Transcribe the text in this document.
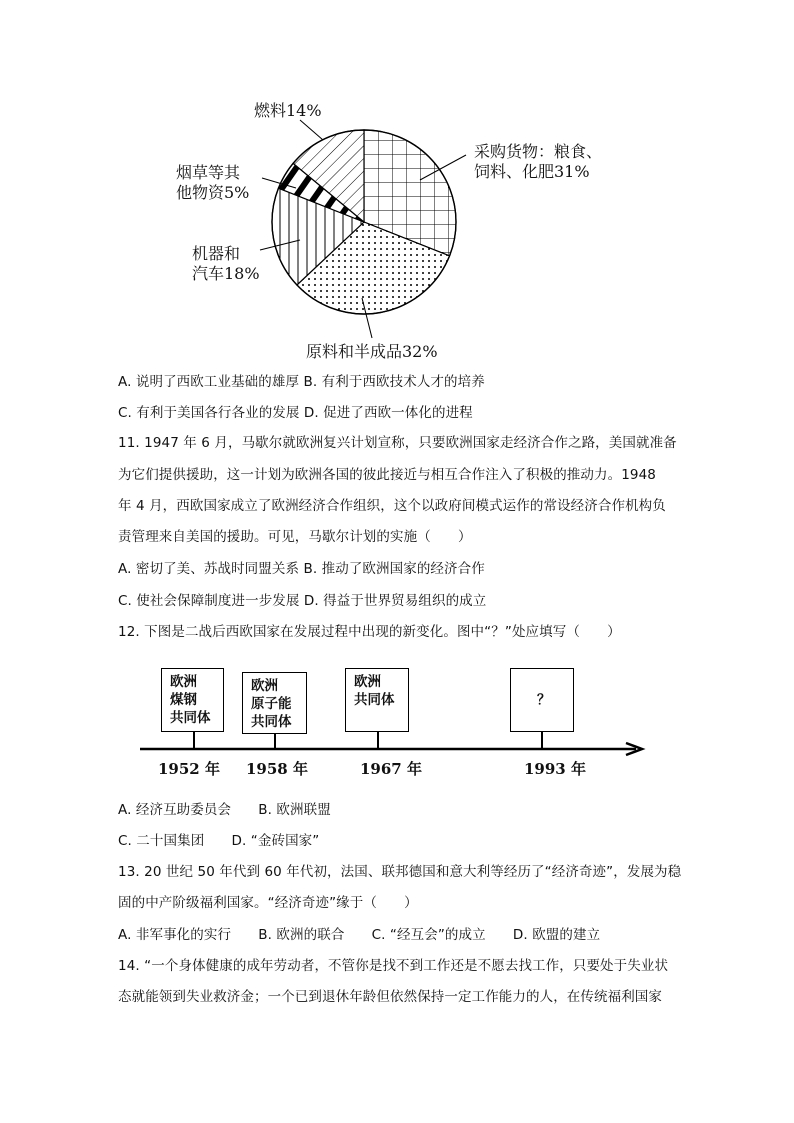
燃料14%
采购货物：粮食、
饲料、化肥31%
烟草等其
他物资5%
机器和
汽车18%
原料和半成品32%
A. 说明了西欧工业基础的雄厚 B. 有利于西欧技术人才的培养
C. 有利于美国各行各业的发展 D. 促进了西欧一体化的进程
11. 1947 年 6 月，马歇尔就欧洲复兴计划宣称，只要欧洲国家走经济合作之路，美国就准备
为它们提供援助，这一计划为欧洲各国的彼此接近与相互合作注入了积极的推动力。1948
年 4 月，西欧国家成立了欧洲经济合作组织，这个以政府间模式运作的常设经济合作机构负
责管理来自美国的援助。可见，马歇尔计划的实施（　　）
A. 密切了美、苏战时同盟关系 B. 推动了欧洲国家的经济合作
C. 使社会保障制度进一步发展 D. 得益于世界贸易组织的成立
12. 下图是二战后西欧国家在发展过程中出现的新变化。图中“？”处应填写（　　）
欧洲
煤钢
共同体
欧洲
原子能
共同体
欧洲
共同体	？
1952 年 1958 年	1967 年	1993 年
A. 经济互助委员会　　B. 欧洲联盟
C. 二十国集团　　D. “金砖国家”
13. 20 世纪 50 年代到 60 年代初，法国、联邦德国和意大利等经历了“经济奇迹”，发展为稳
固的中产阶级福利国家。“经济奇迹”缘于（　　）
A. 非军事化的实行　　B. 欧洲的联合　　C. “经互会”的成立　　D. 欧盟的建立
14. “一个身体健康的成年劳动者，不管你是找不到工作还是不愿去找工作，只要处于失业状
态就能领到失业救济金；一个已到退休年龄但依然保持一定工作能力的人，在传统福利国家
